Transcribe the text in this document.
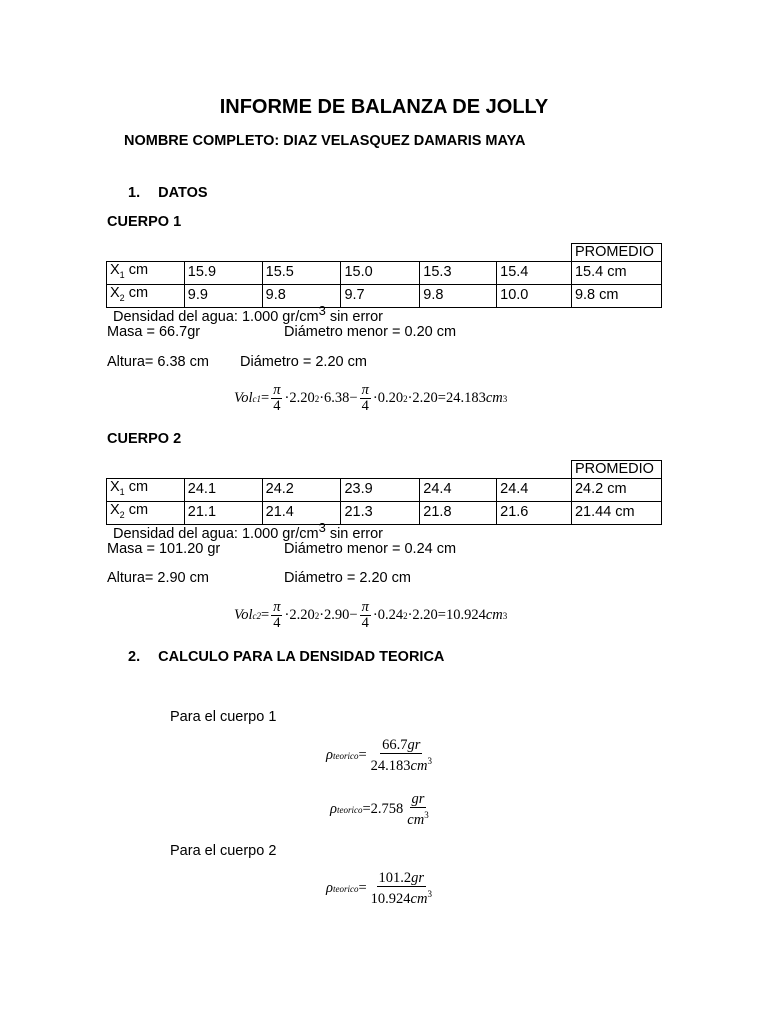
INFORME DE BALANZA DE JOLLY
NOMBRE COMPLETO: DIAZ VELASQUEZ DAMARIS MAYA
1. DATOS
CUERPO 1
						PROMEDIO
$X_1$ cm	15.9	15.5	15.0	15.3	15.4	15.4 cm
$X_2$ cm	9.9	9.8	9.7	9.8	10.0	9.8 cm
Densidad del agua: 1.000 $gr/cm^3$ sin error
Masa = 66.7gr	Diámetro menor = 0.20 cm
Altura= 6.38 cm Diámetro = 2.20 cm
Vol $c1 = \frac{\pi}{4} \cdot 2.20$ $2 \cdot 6.38- \frac{\pi}{4} \cdot 0.20$ 2 ·2.20=24.183 cm 3
CUERPO 2
						PROMEDIO
$X_1$ cm	24.1	24.2	23.9	24.4	24.4	24.2 cm
$X_2$ cm	21.1	21.4	21.3	21.8	21.6	21.44 cm
Densidad del agua: 1.000 $gr/cm^3$ sin error
Masa = 101.20 gr	Diámetro menor = 0.24 cm
Altura= 2.90 cm	Diámetro = 2.20 cm
Vol $c2 = \frac{\pi}{4} \cdot 2.20$ $2 \cdot 2.90- \frac{\pi}{4} \cdot 0.24$ 2 ·2.20=10.924 cm 3
2. CALCULO PARA LA DENSIDAD TEORICA
Para el cuerpo 1
ρ teorico = $\frac{66.7gr}{24.183cm^3}$
ρ teorico $=2.758 \frac{gr}{cm^3}$
Para el cuerpo 2
ρ teorico = $\frac{101.2gr}{10.924cm^3}$
